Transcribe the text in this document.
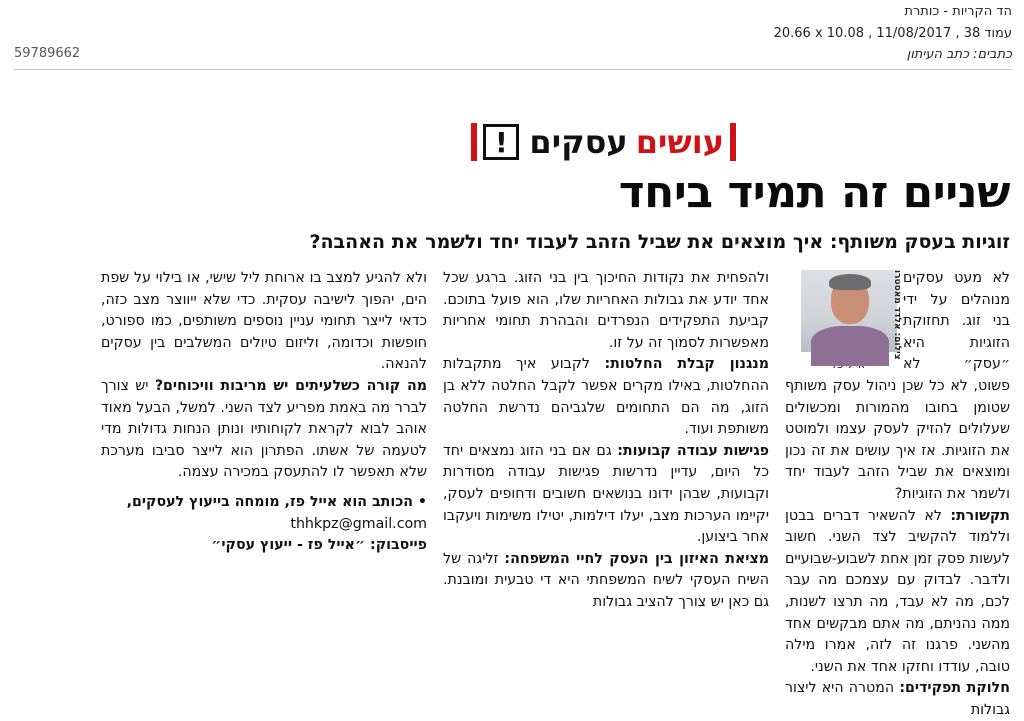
הד הקריות - כותרת
20.66 x 10.08 , 11/08/2017 , 38 עמוד
כתבים: כתב העיתון
59789662
עושים
עסקים
!
שניים זה תמיד ביחד
זוגיות בעסק משותף: איך מוצאים את שביל הזהב לעבוד יחד ולשמר את האהבה?
צילום: אלדד מאסטרו לא מעט עסקים מנוהלים על ידי בני זוג. תחזוקת הזוגיות היא ״עסק״ לא פשוט, לא כל שכן ניהול עסק משותף שטומן בחובו מהמורות ומכשולים שעלולים להזיק לעסק עצמו ולמוטט את הזוגיות. אז איך עושים את זה נכון ומוצאים את שביל הזהב לעבוד יחד ולשמר את הזוגיות?

תקשורת: לא להשאיר דברים בבטן וללמוד להקשיב לצד השני. חשוב לעשות פסק זמן אחת לשבוע-שבועיים ולדבר. לבדוק עם עצמכם מה עבר לכם, מה לא עבד, מה תרצו לשנות, ממה נהניתם, מה אתם מבקשים אחד מהשני. פרגנו זה לזה, אמרו מילה טובה, עודדו וחזקו אחד את השני.

חלוקת תפקידים: המטרה היא ליצור גבולות

ולהפחית את נקודות החיכוך בין בני הזוג. ברגע שכל אחד יודע את גבולות האחריות שלו, הוא פועל בתוכם. קביעת התפקידים הנפרדים והבהרת תחומי אחריות מאפשרות לסמוך זה על זו.

מנגנון קבלת החלטות: לקבוע איך מתקבלות ההחלטות, באילו מקרים אפשר לקבל החלטה ללא בן הזוג, מה הם התחומים שלגביהם נדרשת החלטה משותפת ועוד.

פגישות עבודה קבועות: גם אם בני הזוג נמצאים יחד כל היום, עדיין נדרשות פגישות עבודה מסודרות וקבועות, שבהן ידונו בנושאים חשובים ודחופים לעסק, יקיימו הערכות מצב, יעלו דילמות, יטילו משימות ויעקבו אחר ביצוען.

מציאת האיזון בין העסק לחיי המשפחה: זליגה של השיח העסקי לשיח המשפחתי היא די טבעית ומובנת. גם כאן יש צורך להציב גבולות

ולא להגיע למצב בו ארוחת ליל שישי, או בילוי על שפת הים, יהפוך לישיבה עסקית. כדי שלא ייווצר מצב כזה, כדאי לייצר תחומי עניין נוספים משותפים, כמו ספורט, חופשות וכדומה, וליזום טיולים המשלבים בין עסקים להנאה.

מה קורה כשלעיתים יש מריבות וויכוחים? יש צורך לברר מה באמת מפריע לצד השני. למשל, הבעל מאוד אוהב לבוא לקראת לקוחותיו ונותן הנחות גדולות מדי לטעמה של אשתו. הפתרון הוא לייצר סביבו מערכת שלא תאפשר לו להתעסק במכירה עצמה.

• הכותב הוא אייל פז, מומחה בייעוץ לעסקים,
thhkpz@gmail.com
פייסבוק: ״אייל פז - ייעוץ עסקי״
